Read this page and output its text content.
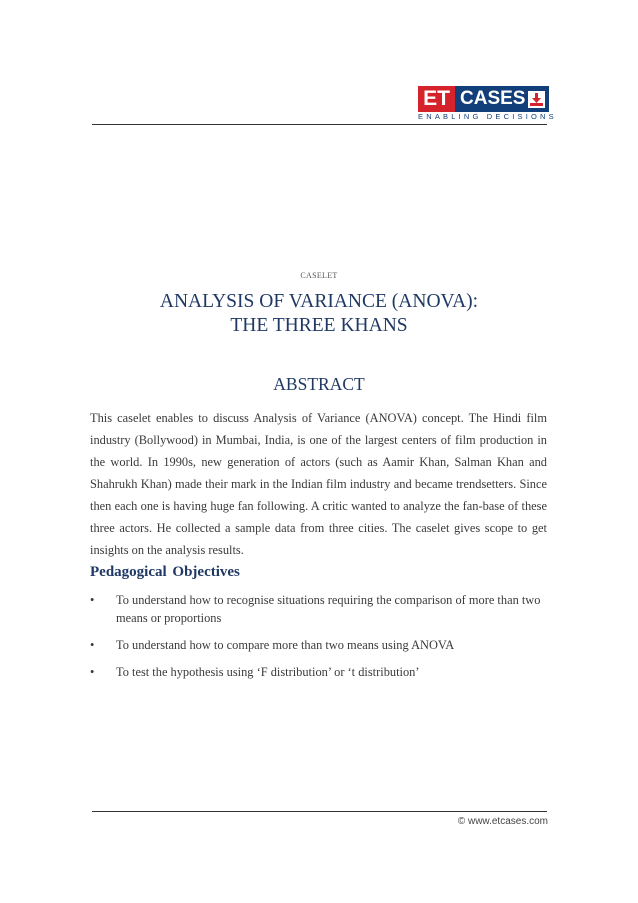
ET CASES
ENABLING DECISIONS
CASELET
ANALYSIS OF VARIANCE (ANOVA):
THE THREE KHANS
ABSTRACT

This caselet enables to discuss Analysis of Variance (ANOVA) concept. The Hindi film industry (Bollywood) in Mumbai, India, is one of the largest centers of film production in the world. In 1990s, new generation of actors (such as Aamir Khan, Salman Khan and Shahrukh Khan) made their mark in the Indian film industry and became trendsetters. Since then each one is having huge fan following. A critic wanted to analyze the fan-base of these three actors. He collected a sample data from three cities. The caselet gives scope to get insights on the analysis results.

Pedagogical Objectives
• To understand how to recognise situations requiring the comparison of more than two means or proportions
• To understand how to compare more than two means using ANOVA
• To test the hypothesis using ‘F distribution’ or ‘t distribution’
© www.etcases.com
